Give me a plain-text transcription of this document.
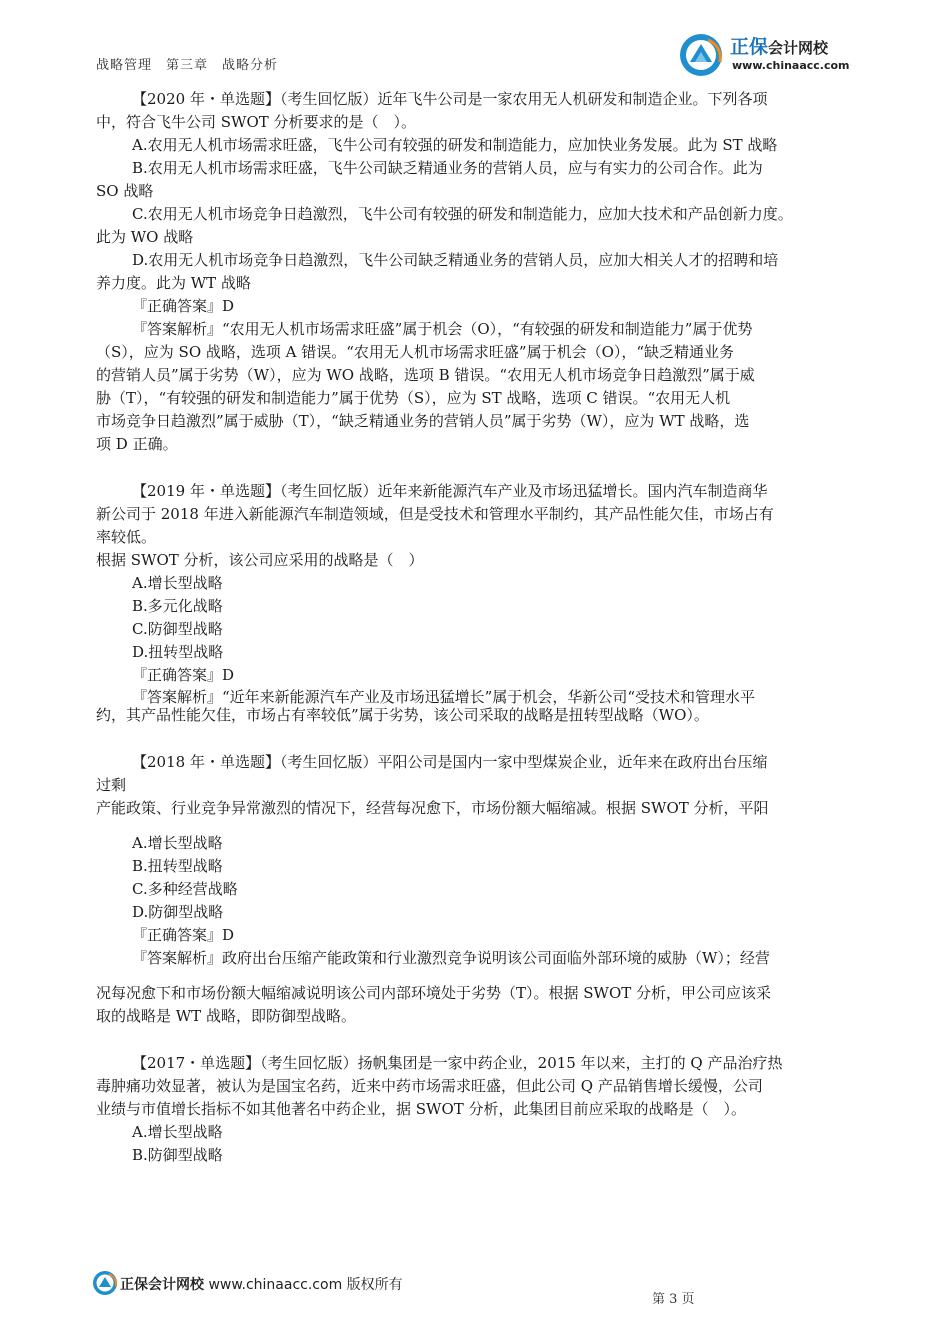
战略管理　第三章　战略分析
正保会计网校
www.chinaacc.com
【2020 年・单选题】（考生回忆版）近年飞牛公司是一家农用无人机研发和制造企业。下列各项
中，符合飞牛公司 SWOT 分析要求的是（　）。
A.农用无人机市场需求旺盛，飞牛公司有较强的研发和制造能力，应加快业务发展。此为 ST 战略
B.农用无人机市场需求旺盛，飞牛公司缺乏精通业务的营销人员，应与有实力的公司合作。此为
SO 战略
C.农用无人机市场竞争日趋激烈，飞牛公司有较强的研发和制造能力，应加大技术和产品创新力度。
此为 WO 战略
D.农用无人机市场竞争日趋激烈，飞牛公司缺乏精通业务的营销人员，应加大相关人才的招聘和培
养力度。此为 WT 战略
『正确答案』D
『答案解析』“农用无人机市场需求旺盛”属于机会（O），“有较强的研发和制造能力”属于优势
（S），应为 SO 战略，选项 A 错误。“农用无人机市场需求旺盛”属于机会（O），“缺乏精通业务
的营销人员”属于劣势（W），应为 WO 战略，选项 B 错误。“农用无人机市场竞争日趋激烈”属于威
胁（T），“有较强的研发和制造能力”属于优势（S），应为 ST 战略，选项 C 错误。“农用无人机
市场竞争日趋激烈”属于威胁（T），“缺乏精通业务的营销人员”属于劣势（W），应为 WT 战略，选
项 D 正确。
【2019 年・单选题】（考生回忆版）近年来新能源汽车产业及市场迅猛增长。国内汽车制造商华
新公司于 2018 年进入新能源汽车制造领域，但是受技术和管理水平制约，其产品性能欠佳，市场占有
率较低。
根据 SWOT 分析，该公司应采用的战略是（　）
A.增长型战略
B.多元化战略
C.防御型战略
D.扭转型战略
『正确答案』D
『答案解析』“近年来新能源汽车产业及市场迅猛增长”属于机会，华新公司“受技术和管理水平
约，其产品性能欠佳，市场占有率较低”属于劣势，该公司采取的战略是扭转型战略（WO）。
【2018 年・单选题】（考生回忆版）平阳公司是国内一家中型煤炭企业，近年来在政府出台压缩
过剩
产能政策、行业竞争异常激烈的情况下，经营每况愈下，市场份额大幅缩减。根据 SWOT 分析，平阳
A.增长型战略
B.扭转型战略
C.多种经营战略
D.防御型战略
『正确答案』D
『答案解析』政府出台压缩产能政策和行业激烈竞争说明该公司面临外部环境的威胁（W）；经营
况每况愈下和市场份额大幅缩减说明该公司内部环境处于劣势（T）。根据 SWOT 分析，甲公司应该采
取的战略是 WT 战略，即防御型战略。
【2017・单选题】（考生回忆版）扬帆集团是一家中药企业，2015 年以来，主打的 Q 产品治疗热
毒肿痛功效显著，被认为是国宝名药，近来中药市场需求旺盛，但此公司 Q 产品销售增长缓慢，公司
业绩与市值增长指标不如其他著名中药企业，据 SWOT 分析，此集团目前应采取的战略是（　）。
A.增长型战略
B.防御型战略
正保会计网校 www.chinaacc.com 版权所有
第 3 页
